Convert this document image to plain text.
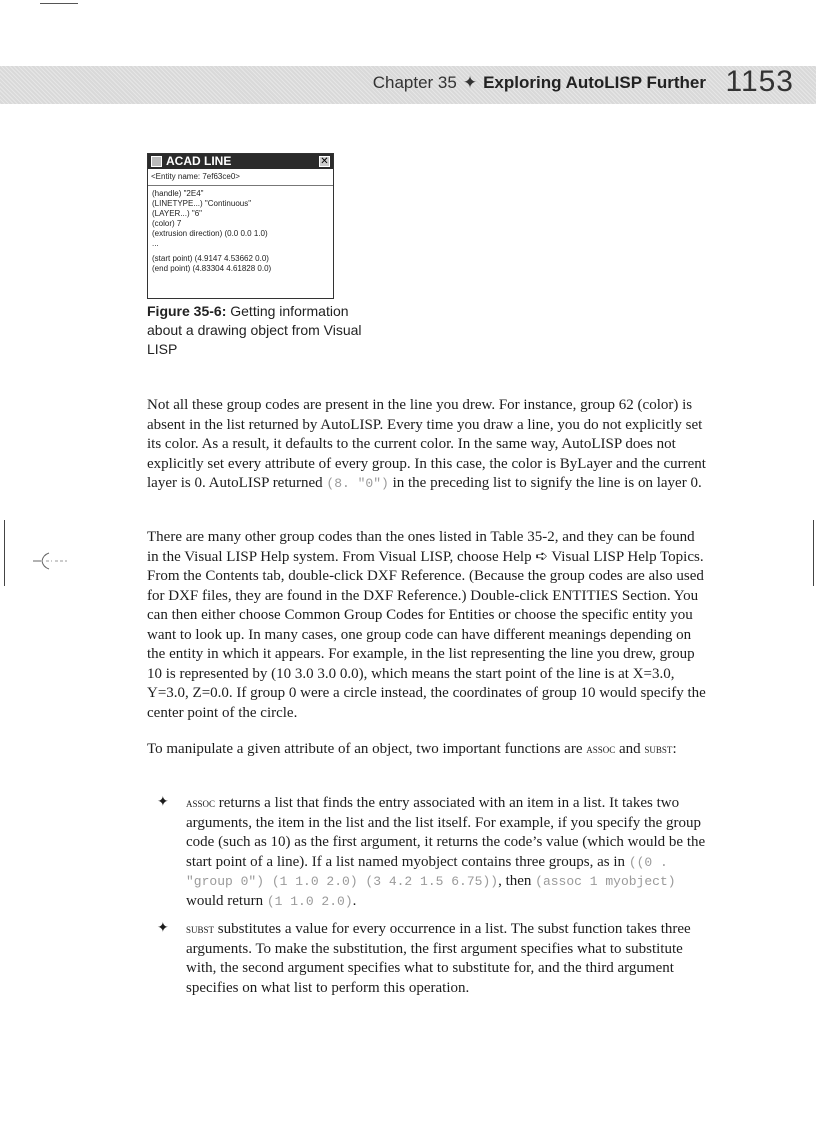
Chapter 35 ✦ Exploring AutoLISP Further 1153
ACAD LINE	✕
<Entity name: 7ef63ce0>
(handle) "2E4"
(LINETYPE...) "Continuous"
(LAYER...) "6"
(color) 7
(extrusion direction) (0.0 0.0 1.0)
...
(start point) (4.9147 4.53662 0.0)
(end point) (4.83304 4.61828 0.0)
Figure 35-6: Getting information about a drawing object from Visual LISP
Not all these group codes are present in the line you drew. For instance, group 62 (color) is absent in the list returned by AutoLISP. Every time you draw a line, you do not explicitly set its color. As a result, it defaults to the current color. In the same way, AutoLISP does not explicitly set every attribute of every group. In this case, the color is ByLayer and the current layer is 0. AutoLISP returned (8. "0") in the preceding list to signify the line is on layer 0.
There are many other group codes than the ones listed in Table 35-2, and they can be found in the Visual LISP Help system. From Visual LISP, choose Help ➪ Visual LISP Help Topics. From the Contents tab, double-click DXF Reference. (Because the group codes are also used for DXF files, they are found in the DXF Reference.) Double-click ENTITIES Section. You can then either choose Common Group Codes for Entities or choose the specific entity you want to look up. In many cases, one group code can have different meanings depending on the entity in which it appears. For example, in the list representing the line you drew, group 10 is represented by (10 3.0 3.0 0.0), which means the start point of the line is at X=3.0, Y=3.0, Z=0.0. If group 0 were a circle instead, the coordinates of group 10 would specify the center point of the circle.
To manipulate a given attribute of an object, two important functions are assoc and subst:
✦ assoc returns a list that finds the entry associated with an item in a list. It takes two arguments, the item in the list and the list itself. For example, if you specify the group code (such as 10) as the first argument, it returns the code’s value (which would be the start point of a line). If a list named myobject contains three groups, as in ((0 . "group 0") (1 1.0 2.0) (3 4.2 1.5 6.75)), then (assoc 1 myobject) would return (1 1.0 2.0).
✦ subst substitutes a value for every occurrence in a list. The subst function takes three arguments. To make the substitution, the first argument specifies what to substitute with, the second argument specifies what to substitute for, and the third argument specifies on what list to perform this operation.
